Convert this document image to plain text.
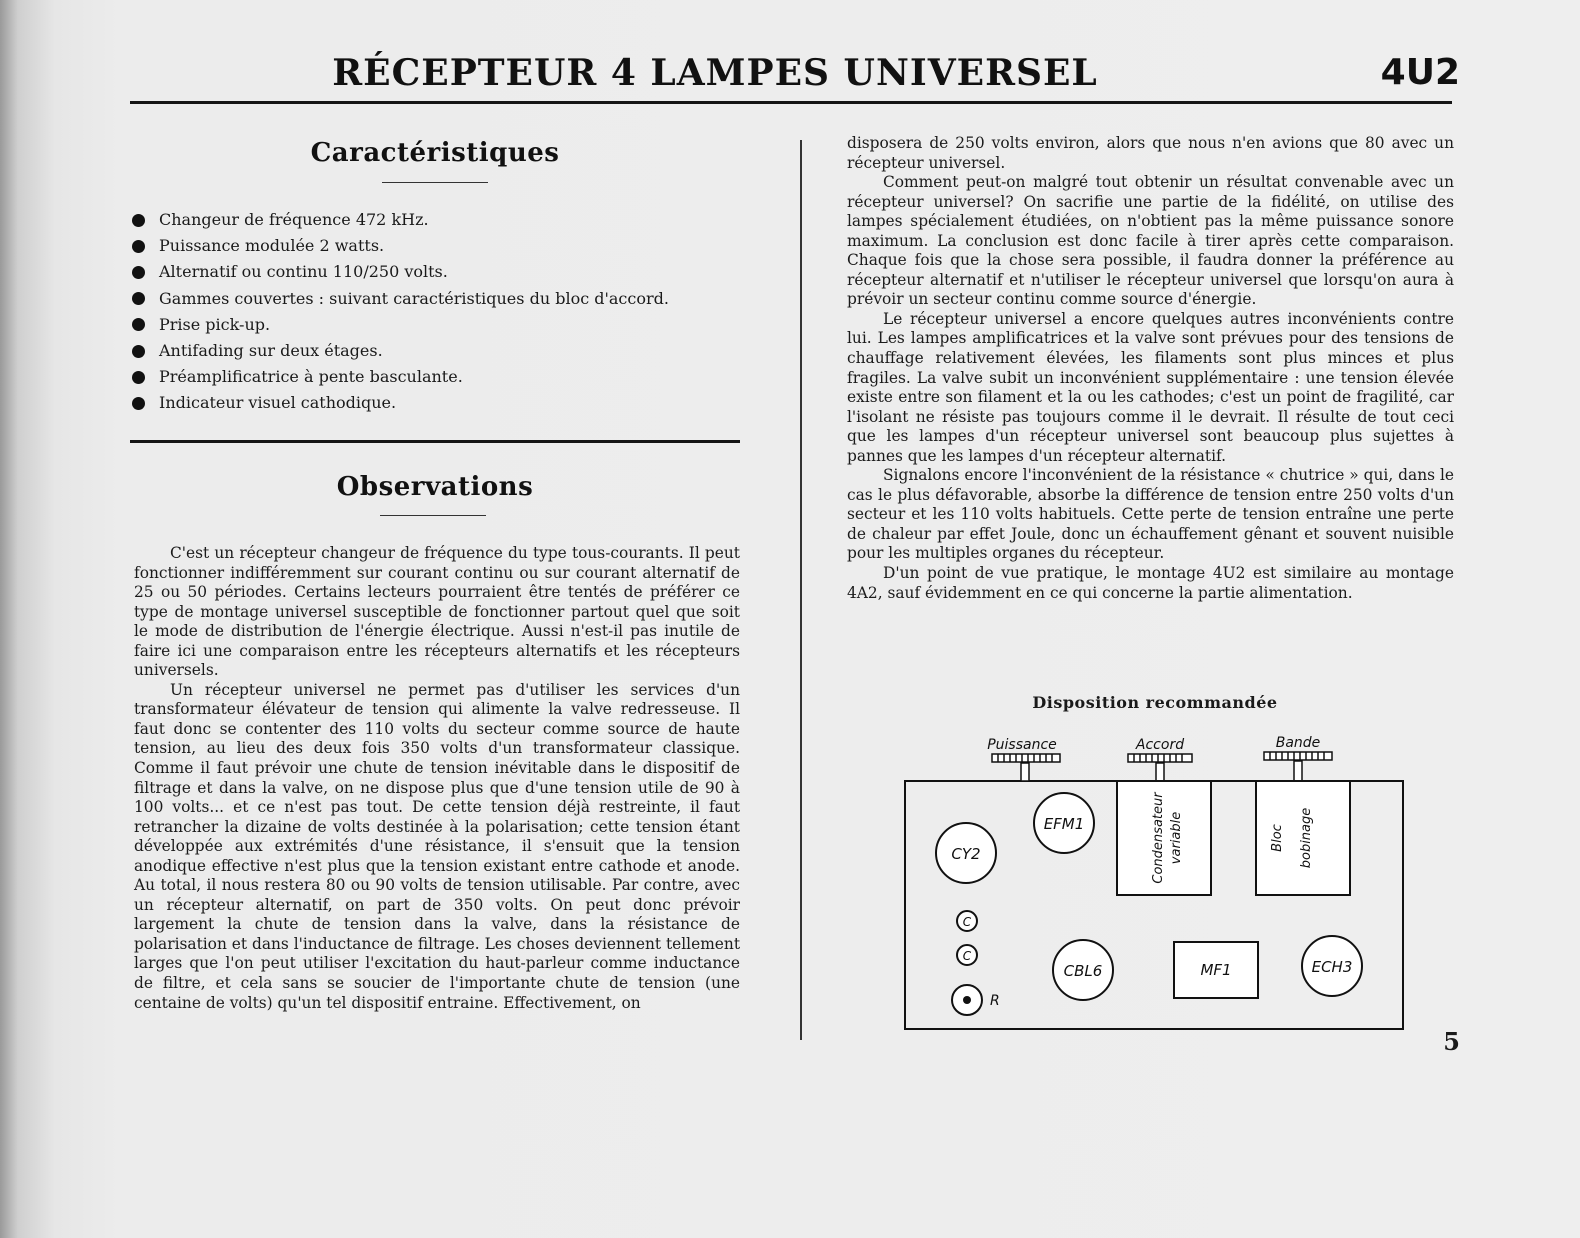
RÉCEPTEUR 4 LAMPES UNIVERSEL	4U2
Caractéristiques
Changeur de fréquence 472 kHz.
Puissance modulée 2 watts.
Alternatif ou continu 110/250 volts.
Gammes couvertes : suivant caractéristiques du bloc d'accord.
Prise pick-up.
Antifading sur deux étages.
Préamplificatrice à pente basculante.
Indicateur visuel cathodique.
Observations

C'est un récepteur changeur de fréquence du type tous-courants. Il peut fonctionner indifféremment sur courant continu ou sur courant alternatif de 25 ou 50 périodes. Certains lecteurs pourraient être tentés de préférer ce type de montage universel susceptible de fonctionner partout quel que soit le mode de distribution de l'énergie électrique. Aussi n'est-il pas inutile de faire ici une comparaison entre les récepteurs alternatifs et les récepteurs universels.

Un récepteur universel ne permet pas d'utiliser les services d'un transformateur élévateur de tension qui alimente la valve redresseuse. Il faut donc se contenter des 110 volts du secteur comme source de haute tension, au lieu des deux fois 350 volts d'un transformateur classique. Comme il faut prévoir une chute de tension inévitable dans le dispositif de filtrage et dans la valve, on ne dispose plus que d'une tension utile de 90 à 100 volts... et ce n'est pas tout. De cette tension déjà restreinte, il faut retrancher la dizaine de volts destinée à la polarisation; cette tension étant développée aux extrémités d'une résistance, il s'ensuit que la tension anodique effective n'est plus que la tension existant entre cathode et anode. Au total, il nous restera 80 ou 90 volts de tension utilisable. Par contre, avec un récepteur alternatif, on part de 350 volts. On peut donc prévoir largement la chute de tension dans la valve, dans la résistance de polarisation et dans l'inductance de filtrage. Les choses deviennent tellement larges que l'on peut utiliser l'excitation du haut-parleur comme inductance de filtre, et cela sans se soucier de l'importante chute de tension (une centaine de volts) qu'un tel dispositif entraine. Effectivement, on

disposera de 250 volts environ, alors que nous n'en avions que 80 avec un récepteur universel.

Comment peut-on malgré tout obtenir un résultat convenable avec un récepteur universel? On sacrifie une partie de la fidélité, on utilise des lampes spécialement étudiées, on n'obtient pas la même puissance sonore maximum. La conclusion est donc facile à tirer après cette comparaison. Chaque fois que la chose sera possible, il faudra donner la préférence au récepteur alternatif et n'utiliser le récepteur universel que lorsqu'on aura à prévoir un secteur continu comme source d'énergie.

Le récepteur universel a encore quelques autres inconvénients contre lui. Les lampes amplificatrices et la valve sont prévues pour des tensions de chauffage relativement élevées, les filaments sont plus minces et plus fragiles. La valve subit un inconvénient supplémentaire : une tension élevée existe entre son filament et la ou les cathodes; c'est un point de fragilité, car l'isolant ne résiste pas toujours comme il le devrait. Il résulte de tout ceci que les lampes d'un récepteur universel sont beaucoup plus sujettes à pannes que les lampes d'un récepteur alternatif.

Signalons encore l'inconvénient de la résistance « chutrice » qui, dans le cas le plus défavorable, absorbe la différence de tension entre 250 volts d'un secteur et les 110 volts habituels. Cette perte de tension entraîne une perte de chaleur par effet Joule, donc un échauffement gênant et souvent nuisible pour les multiples organes du récepteur.

D'un point de vue pratique, le montage 4U2 est similaire au montage 4A2, sauf évidemment en ce qui concerne la partie alimentation.

Disposition recommandée
Puissance	Accord	Bande
EFM1
CY2	Condensateur variable	Bloc bobinage
C
C
R
CBL6	MF1	ECH3
5
